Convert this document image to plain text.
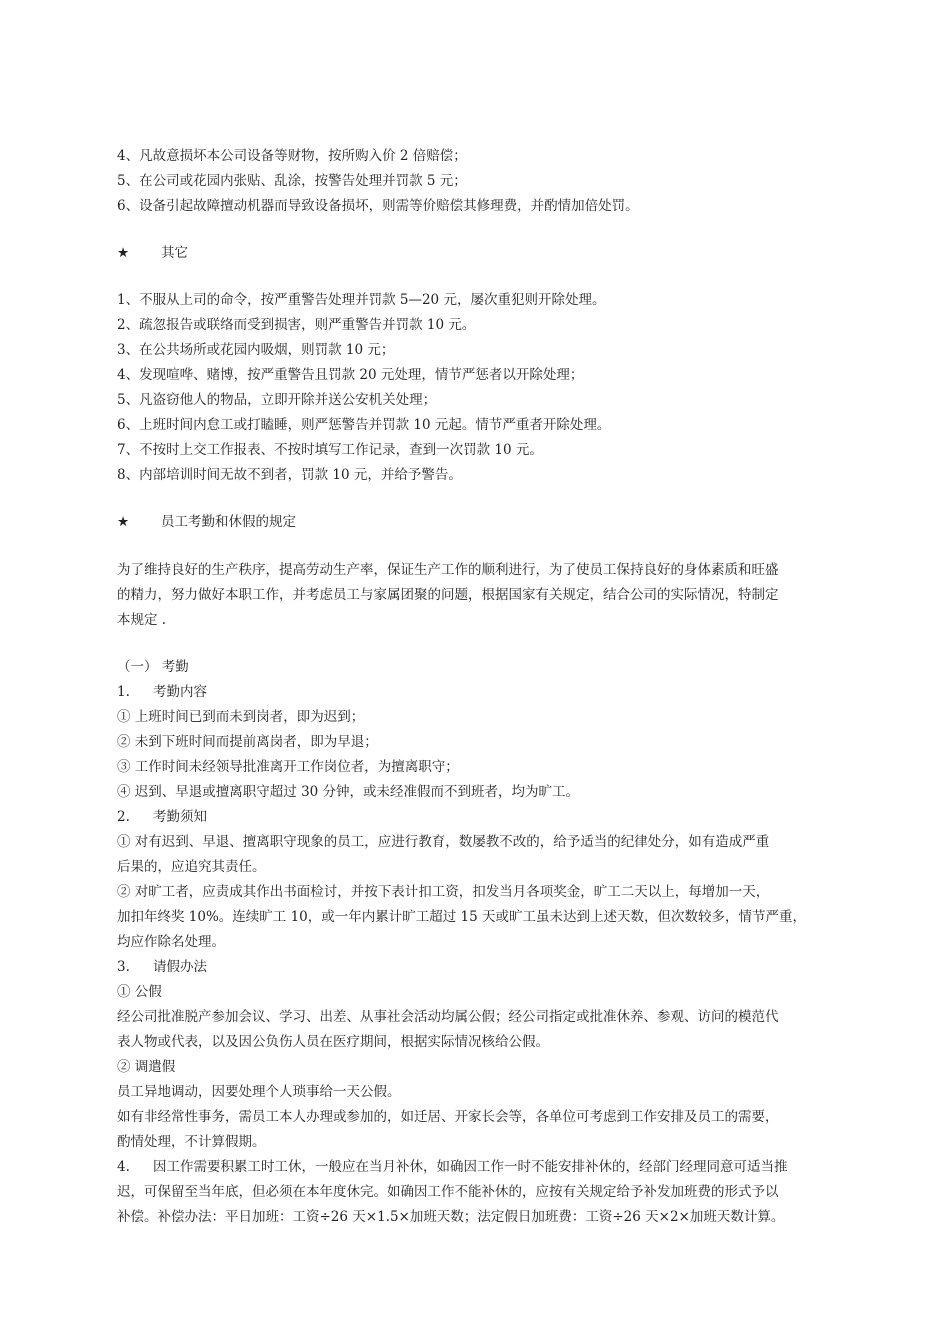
4、凡故意损坏本公司设备等财物，按所购入价 2 倍赔偿；
5、在公司或花园内张贴、乱涂，按警告处理并罚款 5 元；
6、设备引起故障擅动机器而导致设备损坏，则需等价赔偿其修理费，并酌情加倍处罚。
★ 其它
1、不服从上司的命令，按严重警告处理并罚款 5—20 元，屡次重犯则开除处理。
2、疏忽报告或联络而受到损害，则严重警告并罚款 10 元。
3、在公共场所或花园内吸烟，则罚款 10 元；
4、发现喧哗、赌博，按严重警告且罚款 20 元处理，情节严惩者以开除处理；
5、凡盗窃他人的物品，立即开除并送公安机关处理；
6、上班时间内怠工或打瞌睡，则严惩警告并罚款 10 元起。情节严重者开除处理。
7、不按时上交工作报表、不按时填写工作记录，查到一次罚款 10 元。
8、内部培训时间无故不到者，罚款 10 元，并给予警告。
★ 员工考勤和休假的规定
为了维持良好的生产秩序，提高劳动生产率，保证生产工作的顺利进行，为了使员工保持良好的身体素质和旺盛
的精力，努力做好本职工作，并考虑员工与家属团聚的问题，根据国家有关规定，结合公司的实际情况，特制定
本规定 .
（一） 考勤
1. 考勤内容
① 上班时间已到而未到岗者，即为迟到；
② 未到下班时间而提前离岗者，即为早退；
③ 工作时间未经领导批准离开工作岗位者，为擅离职守；
④ 迟到、早退或擅离职守超过 30 分钟，或未经准假而不到班者，均为旷工。
2. 考勤须知
① 对有迟到、早退、擅离职守现象的员工，应进行教育，数屡教不改的，给予适当的纪律处分，如有造成严重
后果的，应追究其责任。
② 对旷工者，应责成其作出书面检讨，并按下表计扣工资，扣发当月各项奖金，旷工二天以上，每增加一天，
加扣年终奖 10%。连续旷工 10，或一年内累计旷工超过 15 天或旷工虽未达到上述天数，但次数较多，情节严重，
均应作除名处理。
3. 请假办法
① 公假
经公司批准脱产参加会议、学习、出差、从事社会活动均属公假；经公司指定或批准休养、参观、访问的模范代
表人物或代表，以及因公负伤人员在医疗期间，根据实际情况核给公假。
② 调遣假
员工异地调动，因要处理个人琐事给一天公假。
如有非经常性事务，需员工本人办理或参加的，如迁居、开家长会等，各单位可考虑到工作安排及员工的需要，
酌情处理，不计算假期。
4. 因工作需要积累工时工休，一般应在当月补休，如确因工作一时不能安排补休的，经部门经理同意可适当推
迟，可保留至当年底，但必须在本年度休完。如确因工作不能补休的，应按有关规定给予补发加班费的形式予以
补偿。补偿办法：平日加班：工资÷26 天×1.5×加班天数；法定假日加班费：工资÷26 天×2×加班天数计算。
